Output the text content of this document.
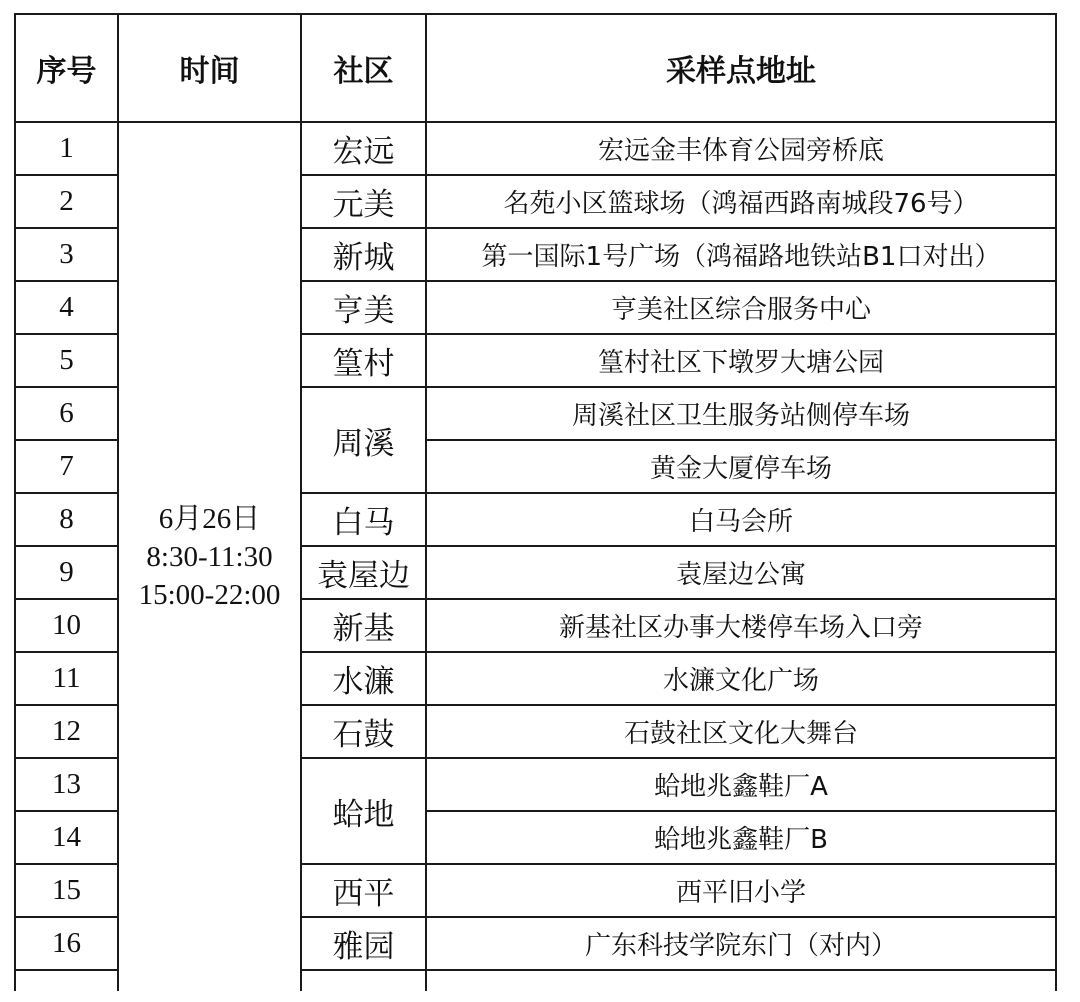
序号	时间	社区	采样点地址
1	6月26日
8:30-11:30
15:00-22:00	宏远	宏远金丰体育公园旁桥底
2		元美	名苑小区篮球场（鸿福西路南城段76号）
3		新城	第一国际1号广场（鸿福路地铁站B1口对出）
4		亨美	亨美社区综合服务中心
5		篁村	篁村社区下墩罗大塘公园
6		周溪	周溪社区卫生服务站侧停车场
7			黄金大厦停车场
8		白马	白马会所
9		袁屋边	袁屋边公寓
10		新基	新基社区办事大楼停车场入口旁
11		水濂	水濂文化广场
12		石鼓	石鼓社区文化大舞台
13		蛤地	蛤地兆鑫鞋厂A
14			蛤地兆鑫鞋厂B
15		西平	西平旧小学
16		雅园	广东科技学院东门（对内）
